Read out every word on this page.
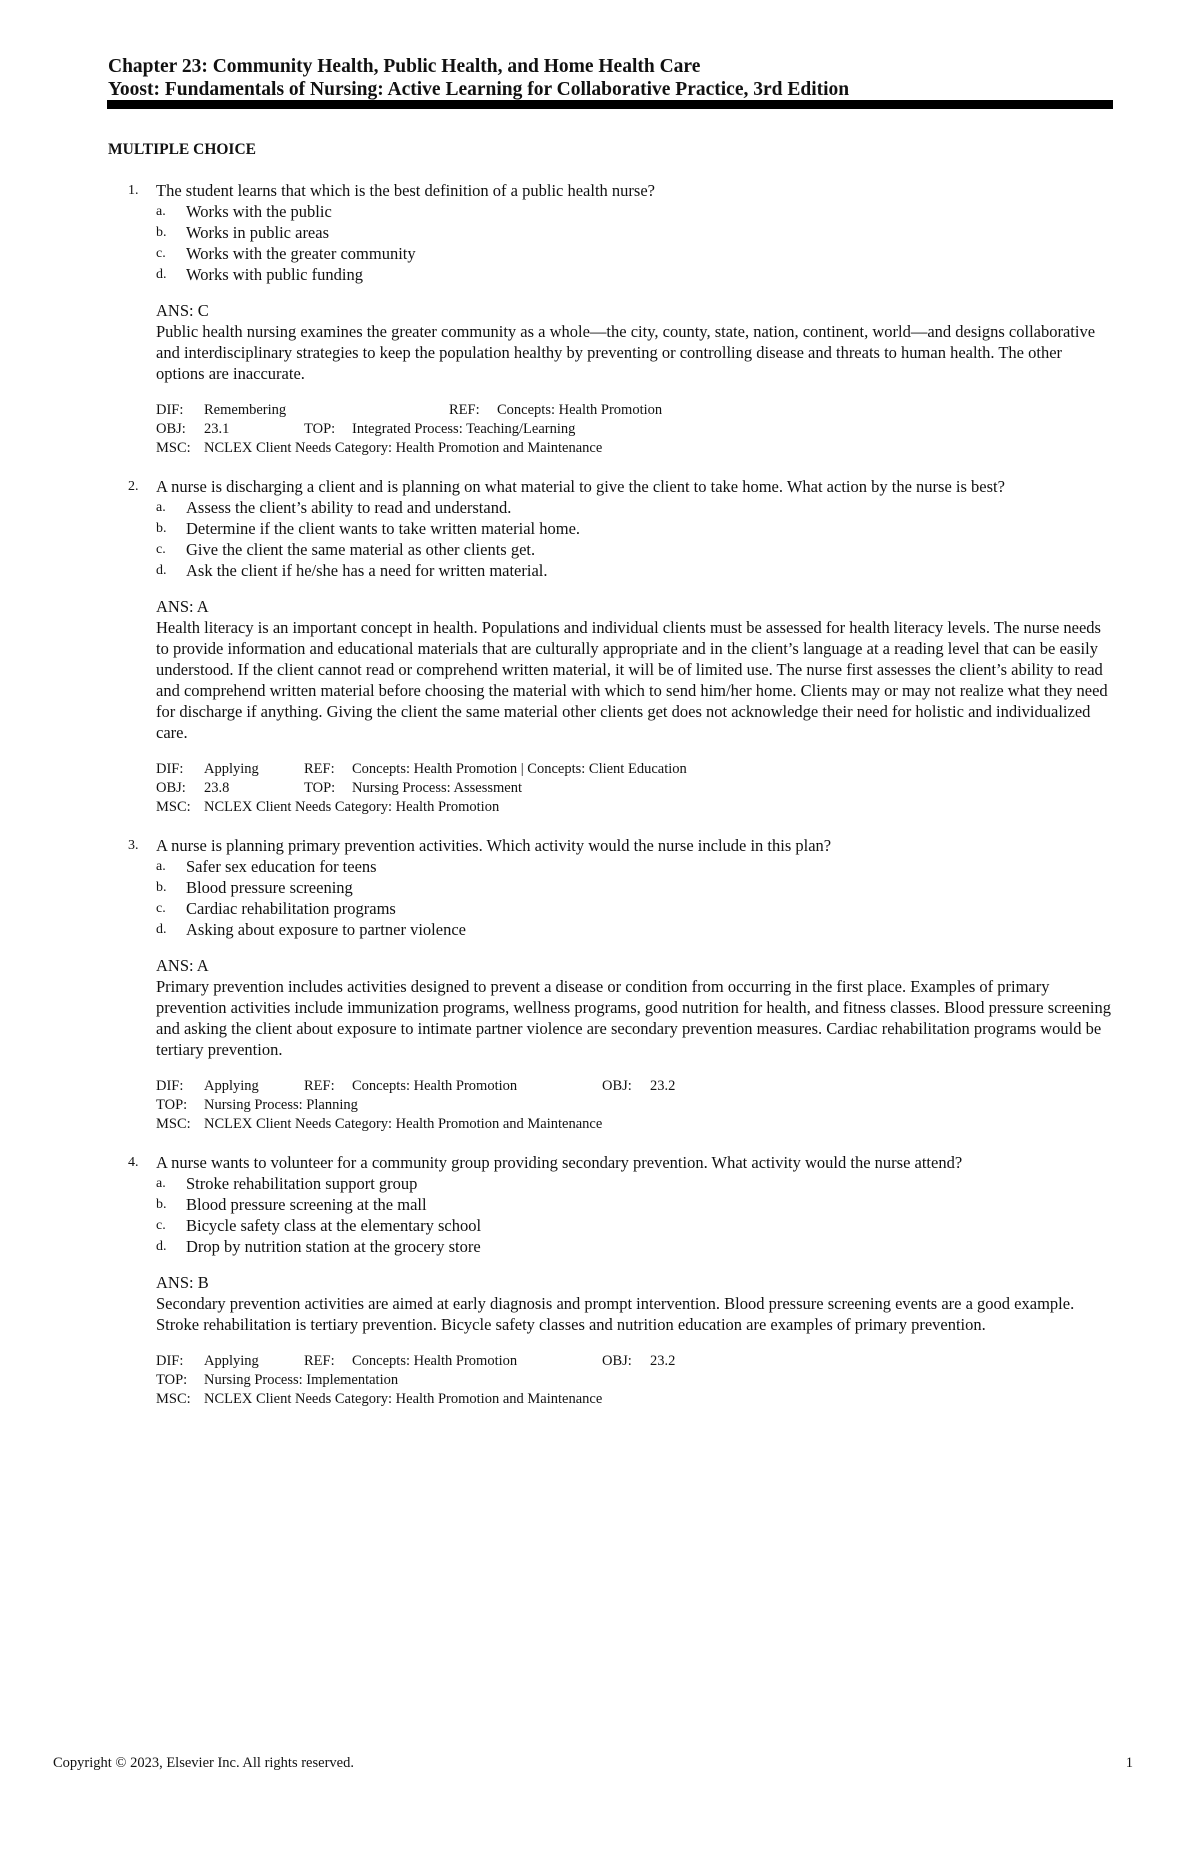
Chapter 23: Community Health, Public Health, and Home Health Care
Yoost: Fundamentals of Nursing: Active Learning for Collaborative Practice, 3rd Edition
MULTIPLE CHOICE
1. The student learns that which is the best definition of a public health nurse?
a.	Works with the public
b.	Works in public areas
c.	Works with the greater community
d.	Works with public funding
ANS: C
Public health nursing examines the greater community as a whole—the city, county, state, nation, continent, world—and designs collaborative and interdisciplinary strategies to keep the population healthy by preventing or controlling disease and threats to human health. The other options are inaccurate.
DIF: Remembering	REF: Concepts: Health Promotion
OBJ: 23.1	TOP: Integrated Process: Teaching/Learning
MSC: NCLEX Client Needs Category: Health Promotion and Maintenance
2. A nurse is discharging a client and is planning on what material to give the client to take home. What action by the nurse is best?
a.	Assess the client’s ability to read and understand.
b.	Determine if the client wants to take written material home.
c.	Give the client the same material as other clients get.
d.	Ask the client if he/she has a need for written material.
ANS: A
Health literacy is an important concept in health. Populations and individual clients must be assessed for health literacy levels. The nurse needs to provide information and educational materials that are culturally appropriate and in the client’s language at a reading level that can be easily understood. If the client cannot read or comprehend written material, it will be of limited use. The nurse first assesses the client’s ability to read and comprehend written material before choosing the material with which to send him/her home. Clients may or may not realize what they need for discharge if anything. Giving the client the same material other clients get does not acknowledge their need for holistic and individualized care.
DIF: Applying	REF: Concepts: Health Promotion | Concepts: Client Education
OBJ: 23.8	TOP: Nursing Process: Assessment
MSC: NCLEX Client Needs Category: Health Promotion
3. A nurse is planning primary prevention activities. Which activity would the nurse include in this plan?
a.	Safer sex education for teens
b.	Blood pressure screening
c.	Cardiac rehabilitation programs
d.	Asking about exposure to partner violence
ANS: A
Primary prevention includes activities designed to prevent a disease or condition from occurring in the first place. Examples of primary prevention activities include immunization programs, wellness programs, good nutrition for health, and fitness classes. Blood pressure screening and asking the client about exposure to intimate partner violence are secondary prevention measures. Cardiac rehabilitation programs would be tertiary prevention.
DIF: Applying	REF: Concepts: Health Promotion	OBJ: 23.2
TOP: Nursing Process: Planning
MSC: NCLEX Client Needs Category: Health Promotion and Maintenance
4. A nurse wants to volunteer for a community group providing secondary prevention. What activity would the nurse attend?
a.	Stroke rehabilitation support group
b.	Blood pressure screening at the mall
c.	Bicycle safety class at the elementary school
d.	Drop by nutrition station at the grocery store
ANS: B
Secondary prevention activities are aimed at early diagnosis and prompt intervention. Blood pressure screening events are a good example. Stroke rehabilitation is tertiary prevention. Bicycle safety classes and nutrition education are examples of primary prevention.
DIF: Applying	REF: Concepts: Health Promotion	OBJ: 23.2
TOP: Nursing Process: Implementation
MSC: NCLEX Client Needs Category: Health Promotion and Maintenance
Copyright © 2023, Elsevier Inc. All rights reserved.	1
